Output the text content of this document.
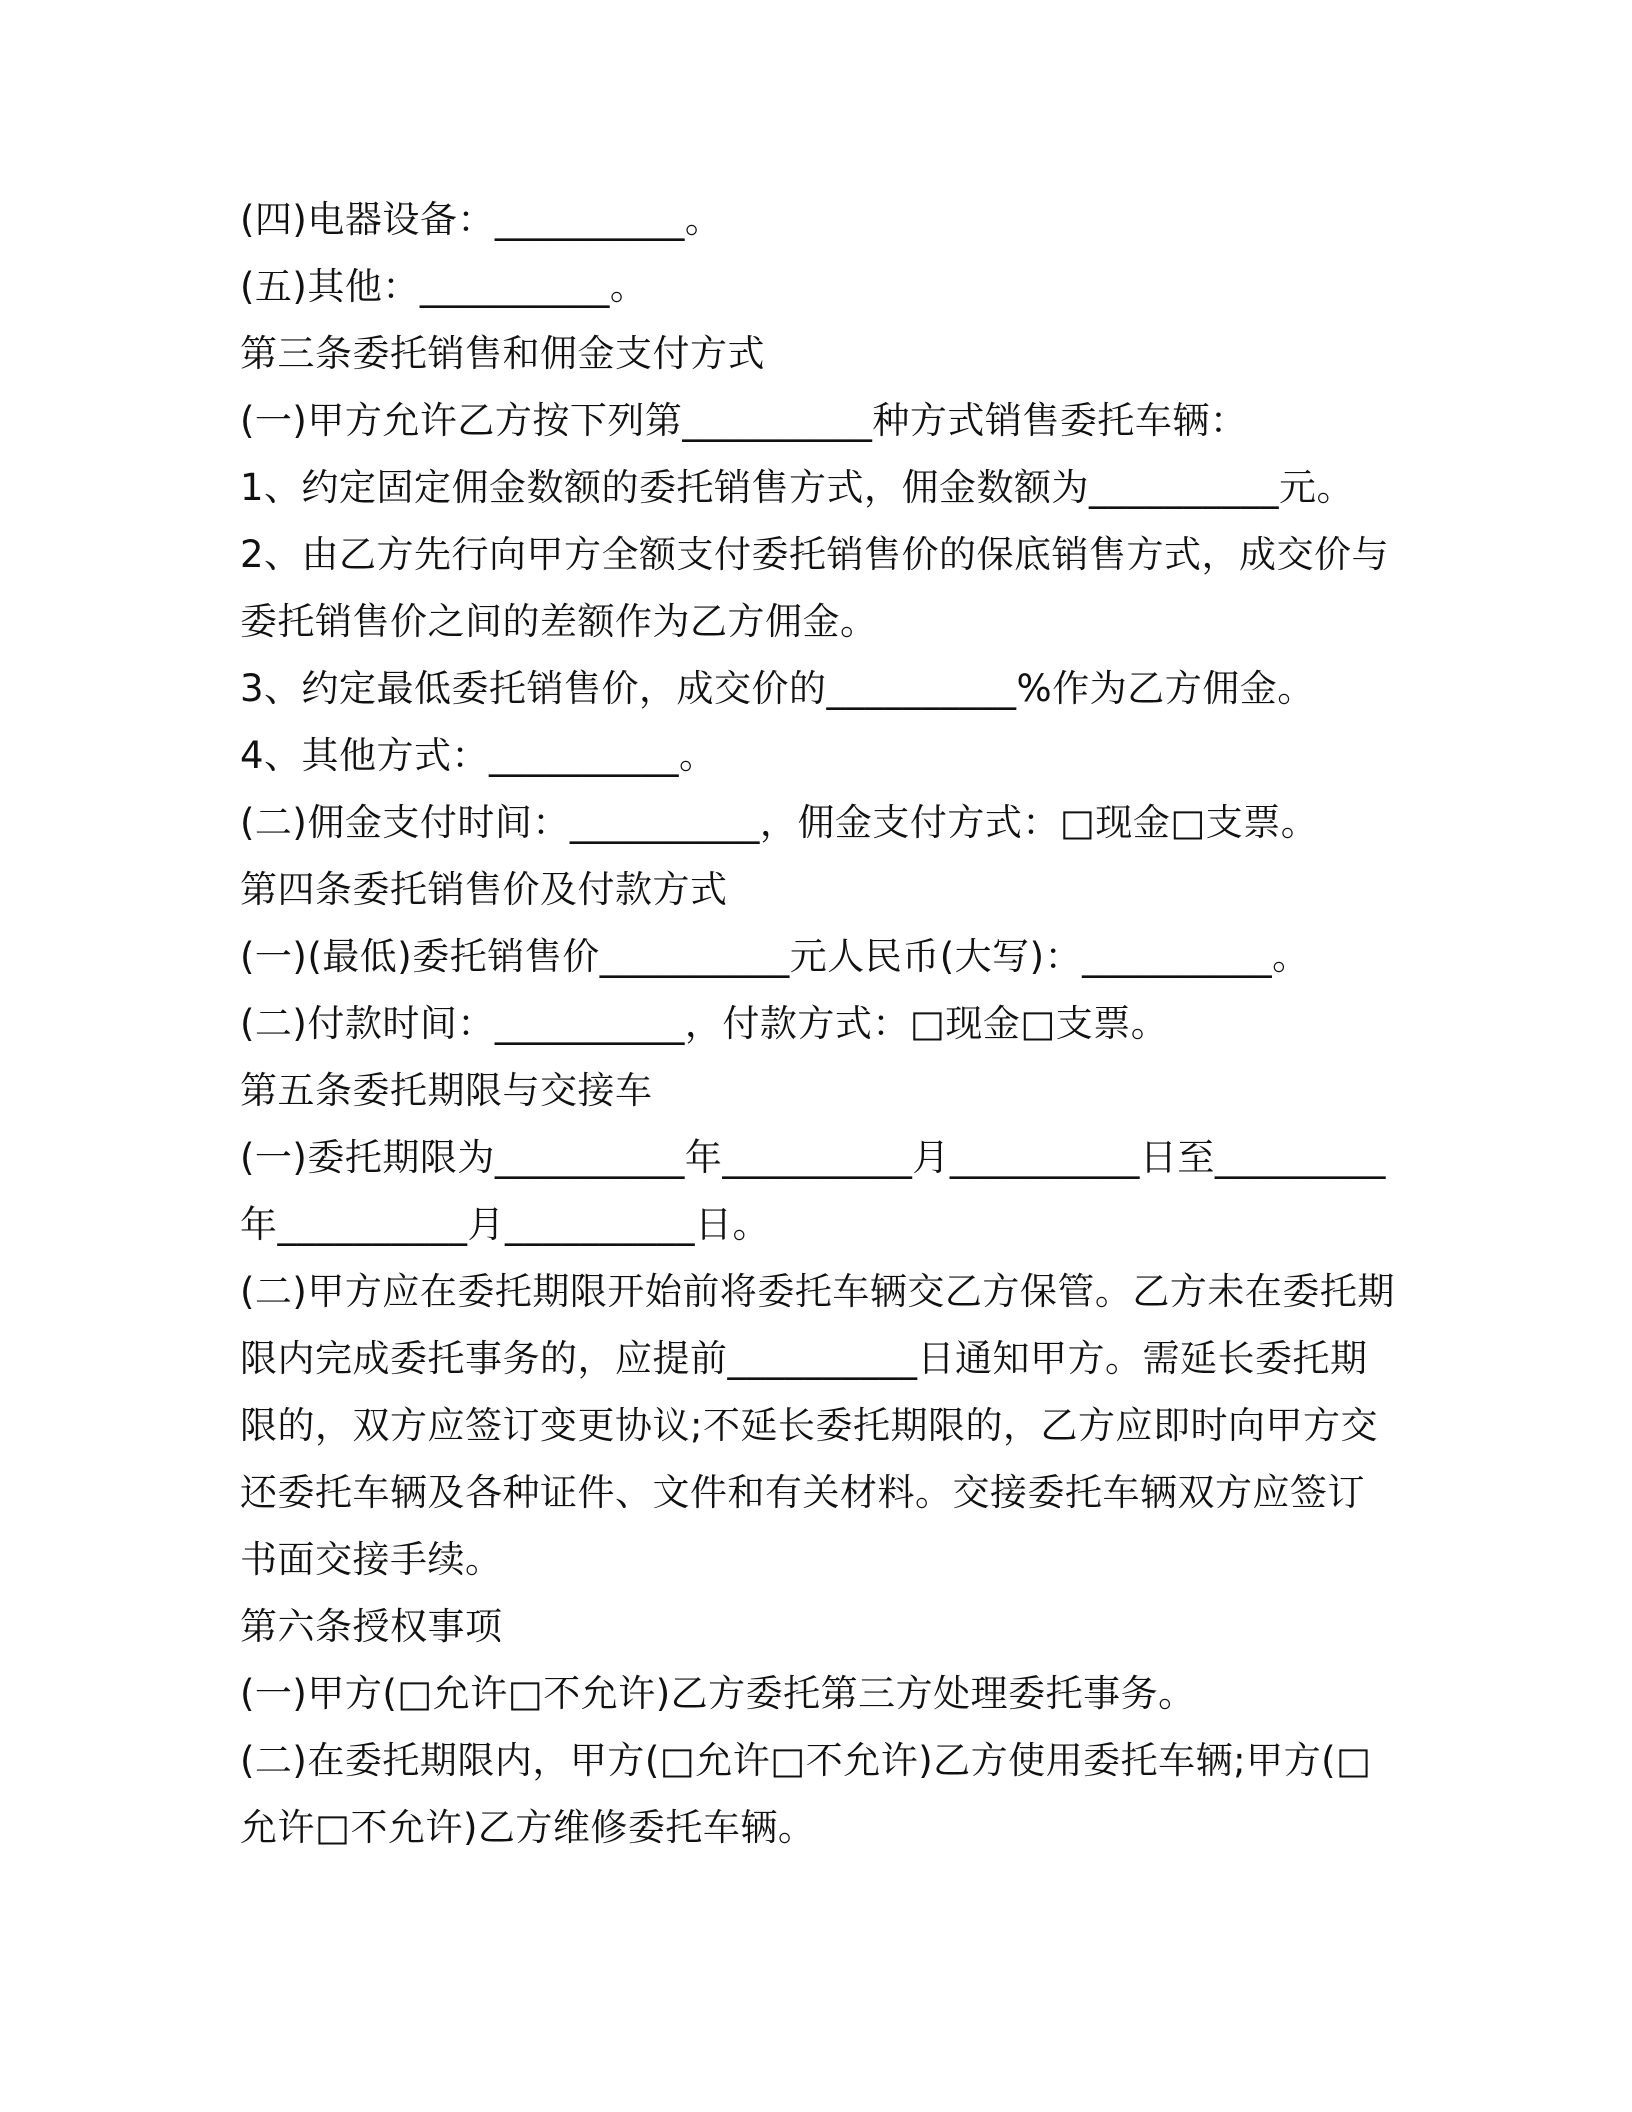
(四)电器设备：__________。
(五)其他：__________。
第三条委托销售和佣金支付方式
(一)甲方允许乙方按下列第__________种方式销售委托车辆：
1、约定固定佣金数额的委托销售方式，佣金数额为__________元。
2、由乙方先行向甲方全额支付委托销售价的保底销售方式，成交价与
委托销售价之间的差额作为乙方佣金。
3、约定最低委托销售价，成交价的__________%作为乙方佣金。
4、其他方式：__________。
(二)佣金支付时间：__________，佣金支付方式：□现金□支票。
第四条委托销售价及付款方式
(一)(最低)委托销售价__________元人民币(大写)：__________。
(二)付款时间：__________，付款方式：□现金□支票。
第五条委托期限与交接车
(一)委托期限为__________年__________月__________日至_________
年__________月__________日。
(二)甲方应在委托期限开始前将委托车辆交乙方保管。乙方未在委托期
限内完成委托事务的，应提前__________日通知甲方。需延长委托期
限的，双方应签订变更协议;不延长委托期限的，乙方应即时向甲方交
还委托车辆及各种证件、文件和有关材料。交接委托车辆双方应签订
书面交接手续。
第六条授权事项
(一)甲方(□允许□不允许)乙方委托第三方处理委托事务。
(二)在委托期限内，甲方(□允许□不允许)乙方使用委托车辆;甲方(□
允许□不允许)乙方维修委托车辆。
